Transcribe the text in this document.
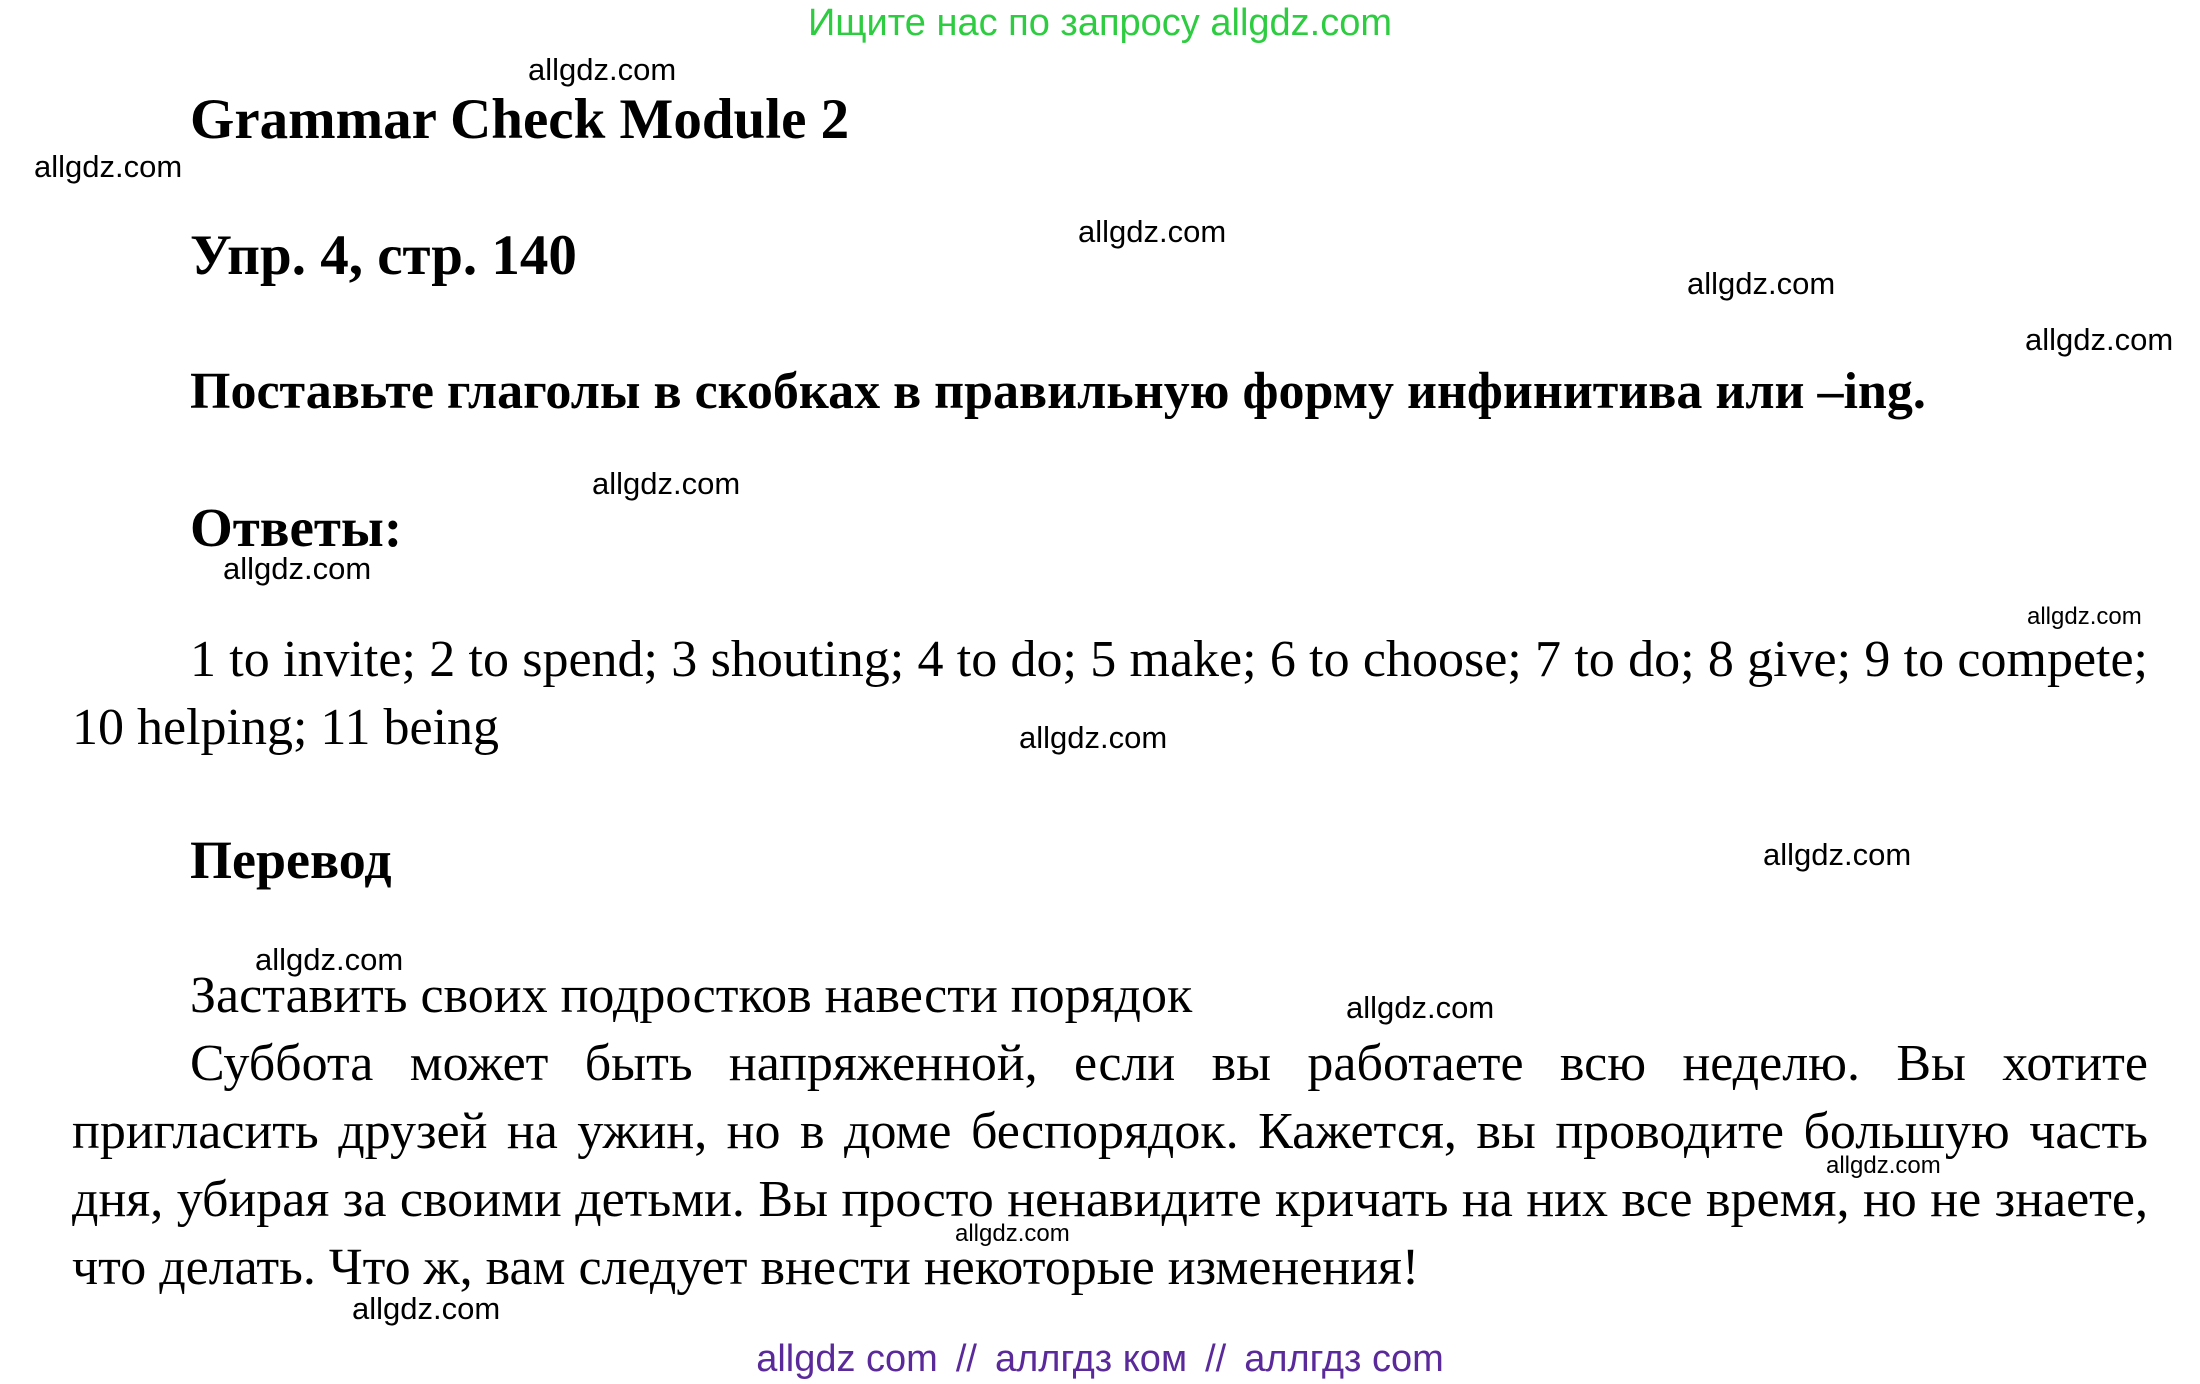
Ищите нас по запросу allgdz.com
Grammar Check Module 2
Упр. 4, стр. 140
Поставьте глаголы в скобках в правильную форму инфинитива или –ing.
Ответы:
1 to invite; 2 to spend; 3 shouting; 4 to do; 5 make; 6 to choose; 7 to do; 8 give; 9 to compete; 10 helping; 11 being
Перевод
Заставить своих подростков навести порядок
Суббота может быть напряженной, если вы работаете всю неделю. Вы хотите пригласить друзей на ужин, но в доме беспорядок. Кажется, вы проводите большую часть дня, убирая за своими детьми. Вы просто ненавидите кричать на них все время, но не знаете, что делать. Что ж, вам следует внести некоторые изменения!
allgdz.com
allgdz.com
allgdz.com
allgdz.com
allgdz.com
allgdz.com
allgdz.com
allgdz.com
allgdz.com
allgdz.com
allgdz.com
allgdz.com
allgdz.com
allgdz.com
allgdz.com
allgdz com // аллгдз ком // аллгдз com
